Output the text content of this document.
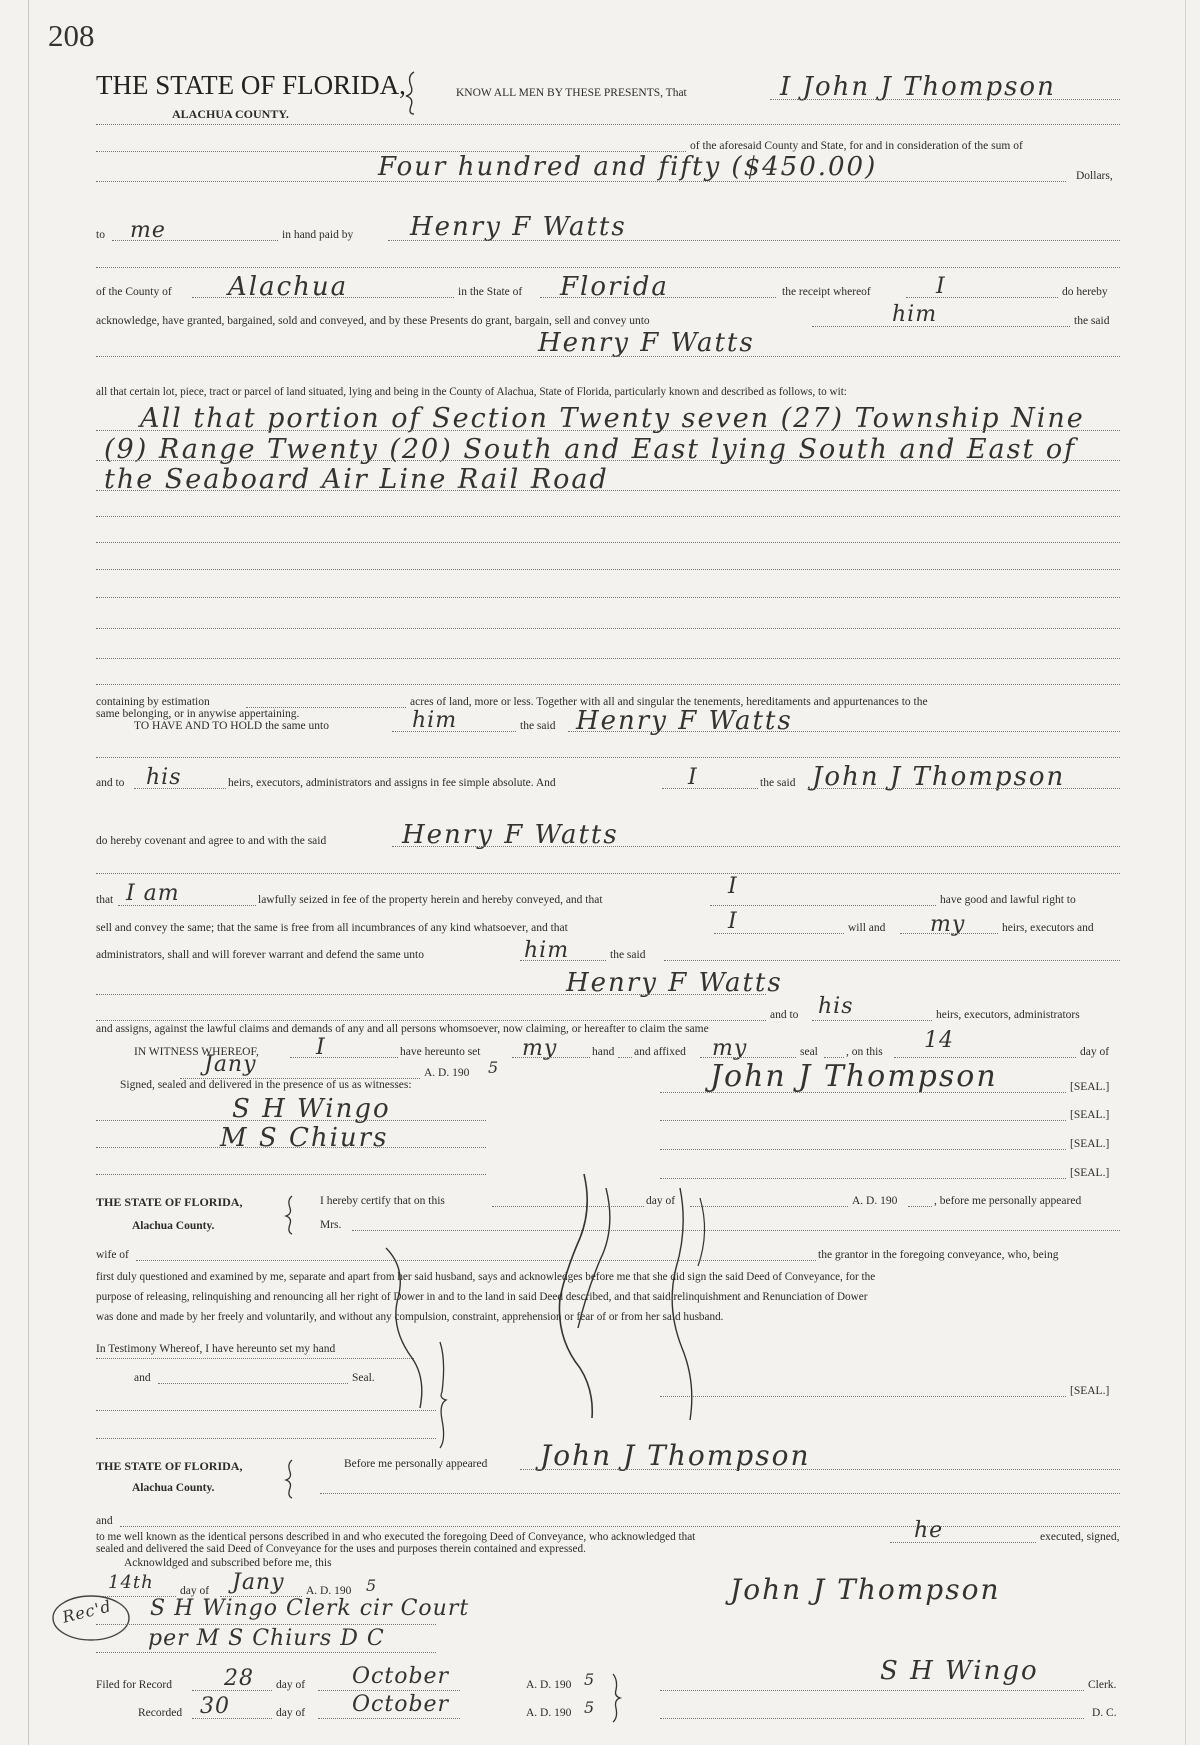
208
THE STATE OF FLORIDA,
ALACHUA COUNTY.
KNOW ALL MEN BY THESE PRESENTS, That	I John J Thompson
of the aforesaid County and State, for and in consideration of the sum of
Four hundred and fifty ($450.00)	Dollars,
to me	in hand paid by Henry F Watts
of the County of Alachua	in the State of Florida	the receipt whereof	I	do hereby
acknowledge, have granted, bargained, sold and conveyed, and by these Presents do grant, bargain, sell and convey unto	him	the said
Henry F Watts
all that certain lot, piece, tract or parcel of land situated, lying and being in the County of Alachua, State of Florida, particularly known and described as follows, to wit:
All that portion of Section Twenty seven (27) Township Nine
(9) Range Twenty (20) South and East lying South and East of
the Seaboard Air Line Rail Road
containing by estimation	acres of land, more or less. Together with all and singular the tenements, hereditaments and appurtenances to the
same belonging, or in anywise appertaining.
TO HAVE AND TO HOLD the same unto	him	the said Henry F Watts
and to his	heirs, executors, administrators and assigns in fee simple absolute. And	I	the said John J Thompson
do hereby covenant and agree to and with the said	Henry F Watts
that I am	lawfully seized in fee of the property herein and hereby conveyed, and that
I
have good and lawful right to
sell and convey the same; that the same is free from all incumbrances of any kind whatsoever, and that	I	will and my	heirs, executors and
administrators, shall and will forever warrant and defend the same unto	him	the said
Henry F Watts
and to his	heirs, executors, administrators
and assigns, against the lawful claims and demands of any and all persons whomsoever, now claiming, or hereafter to claim the same
IN WITNESS WHEREOF,	I	have hereunto set my	hand and affixed my	seal , on this 14	day of
Jany	A. D. 190 5
Signed, sealed and delivered in the presence of us as witnesses:
S H Wingo
M S Chiurs
John J Thompson	[SEAL.]
[SEAL.]
[SEAL.]
[SEAL.]
THE STATE OF FLORIDA,
Alachua County.
I hereby certify that on this	day of	A. D. 190	, before me personally appeared
Mrs.
wife of	the grantor in the foregoing conveyance, who, being
first duly questioned and examined by me, separate and apart from her said husband, says and acknowledges before me that she did sign the said Deed of Conveyance, for the
purpose of releasing, relinquishing and renouncing all her right of Dower in and to the land in said Deed described, and that said relinquishment and Renunciation of Dower
was done and made by her freely and voluntarily, and without any compulsion, constraint, apprehension or fear of or from her said husband.
In Testimony Whereof, I have hereunto set my hand
and	Seal.
[SEAL.]
THE STATE OF FLORIDA,
Alachua County.
Before me personally appeared John J Thompson
and
to me well known as the identical persons described in and who executed the foregoing Deed of Conveyance, who acknowledged that	he	executed, signed,
sealed and delivered the said Deed of Conveyance for the uses and purposes therein contained and expressed.
Acknowldged and subscribed before me, this
14th day of Jany A. D. 190 5
S H Wingo Clerk cir Court
per M S Chiurs D C
Rec'd
John J Thompson
Filed for Record 28 day of October	A. D. 190 5
Recorded 30	day of October	A. D. 190 5
S H Wingo	Clerk.
D. C.
